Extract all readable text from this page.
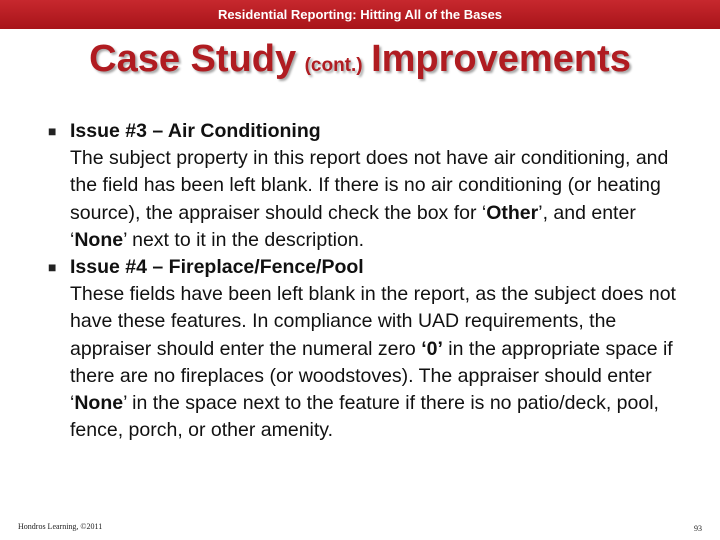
Residential Reporting: Hitting All of the Bases
Case Study (cont.) Improvements
■ Issue #3 – Air Conditioning
The subject property in this report does not have air conditioning, and the field has been left blank. If there is no air conditioning (or heating source), the appraiser should check the box for ‘Other’, and enter ‘None’ next to it in the description.
■ Issue #4 – Fireplace/Fence/Pool
These fields have been left blank in the report, as the subject does not have these features. In compliance with UAD requirements, the appraiser should enter the numeral zero ‘0’ in the appropriate space if there are no fireplaces (or woodstoves). The appraiser should enter ‘None’ in the space next to the feature if there is no patio/deck, pool, fence, porch, or other amenity.
Hondros Learning, ©2011	93
